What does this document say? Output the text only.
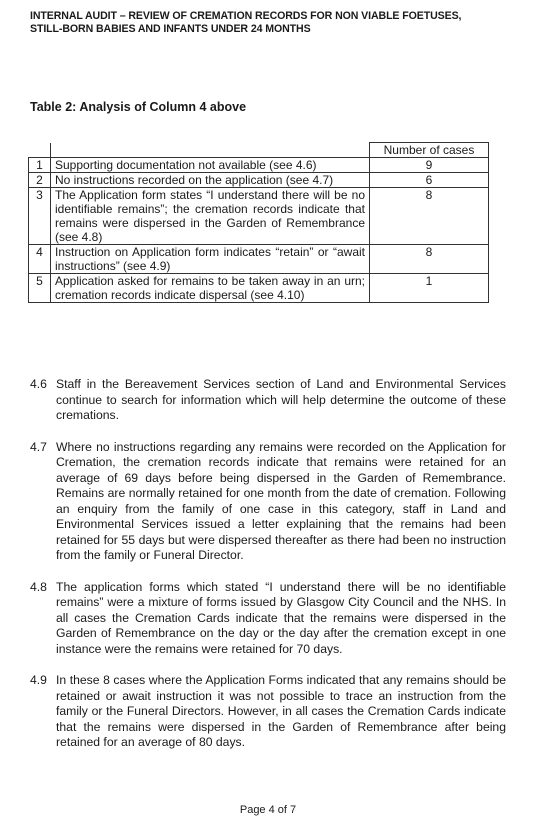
INTERNAL AUDIT – REVIEW OF CREMATION RECORDS FOR NON VIABLE FOETUSES,
STILL-BORN BABIES AND INFANTS UNDER 24 MONTHS
Table 2: Analysis of Column 4 above
		Number of cases
1	Supporting documentation not available (see 4.6)	9
2	No instructions recorded on the application (see 4.7)	6
3	The Application form states “I understand there will be no identifiable remains”; the cremation records indicate that remains were dispersed in the Garden of Remembrance (see 4.8)	8
4	Instruction on Application form indicates “retain” or “await instructions” (see 4.9)	8
5	Application asked for remains to be taken away in an urn; cremation records indicate dispersal (see 4.10)	1
4.6 Staff in the Bereavement Services section of Land and Environmental Services continue to search for information which will help determine the outcome of these cremations.
4.7 Where no instructions regarding any remains were recorded on the Application for Cremation, the cremation records indicate that remains were retained for an average of 69 days before being dispersed in the Garden of Remembrance. Remains are normally retained for one month from the date of cremation. Following an enquiry from the family of one case in this category, staff in Land and Environmental Services issued a letter explaining that the remains had been retained for 55 days but were dispersed thereafter as there had been no instruction from the family or Funeral Director.
4.8 The application forms which stated “I understand there will be no identifiable remains” were a mixture of forms issued by Glasgow City Council and the NHS. In all cases the Cremation Cards indicate that the remains were dispersed in the Garden of Remembrance on the day or the day after the cremation except in one instance were the remains were retained for 70 days.
4.9 In these 8 cases where the Application Forms indicated that any remains should be retained or await instruction it was not possible to trace an instruction from the family or the Funeral Directors. However, in all cases the Cremation Cards indicate that the remains were dispersed in the Garden of Remembrance after being retained for an average of 80 days.
Page 4 of 7
